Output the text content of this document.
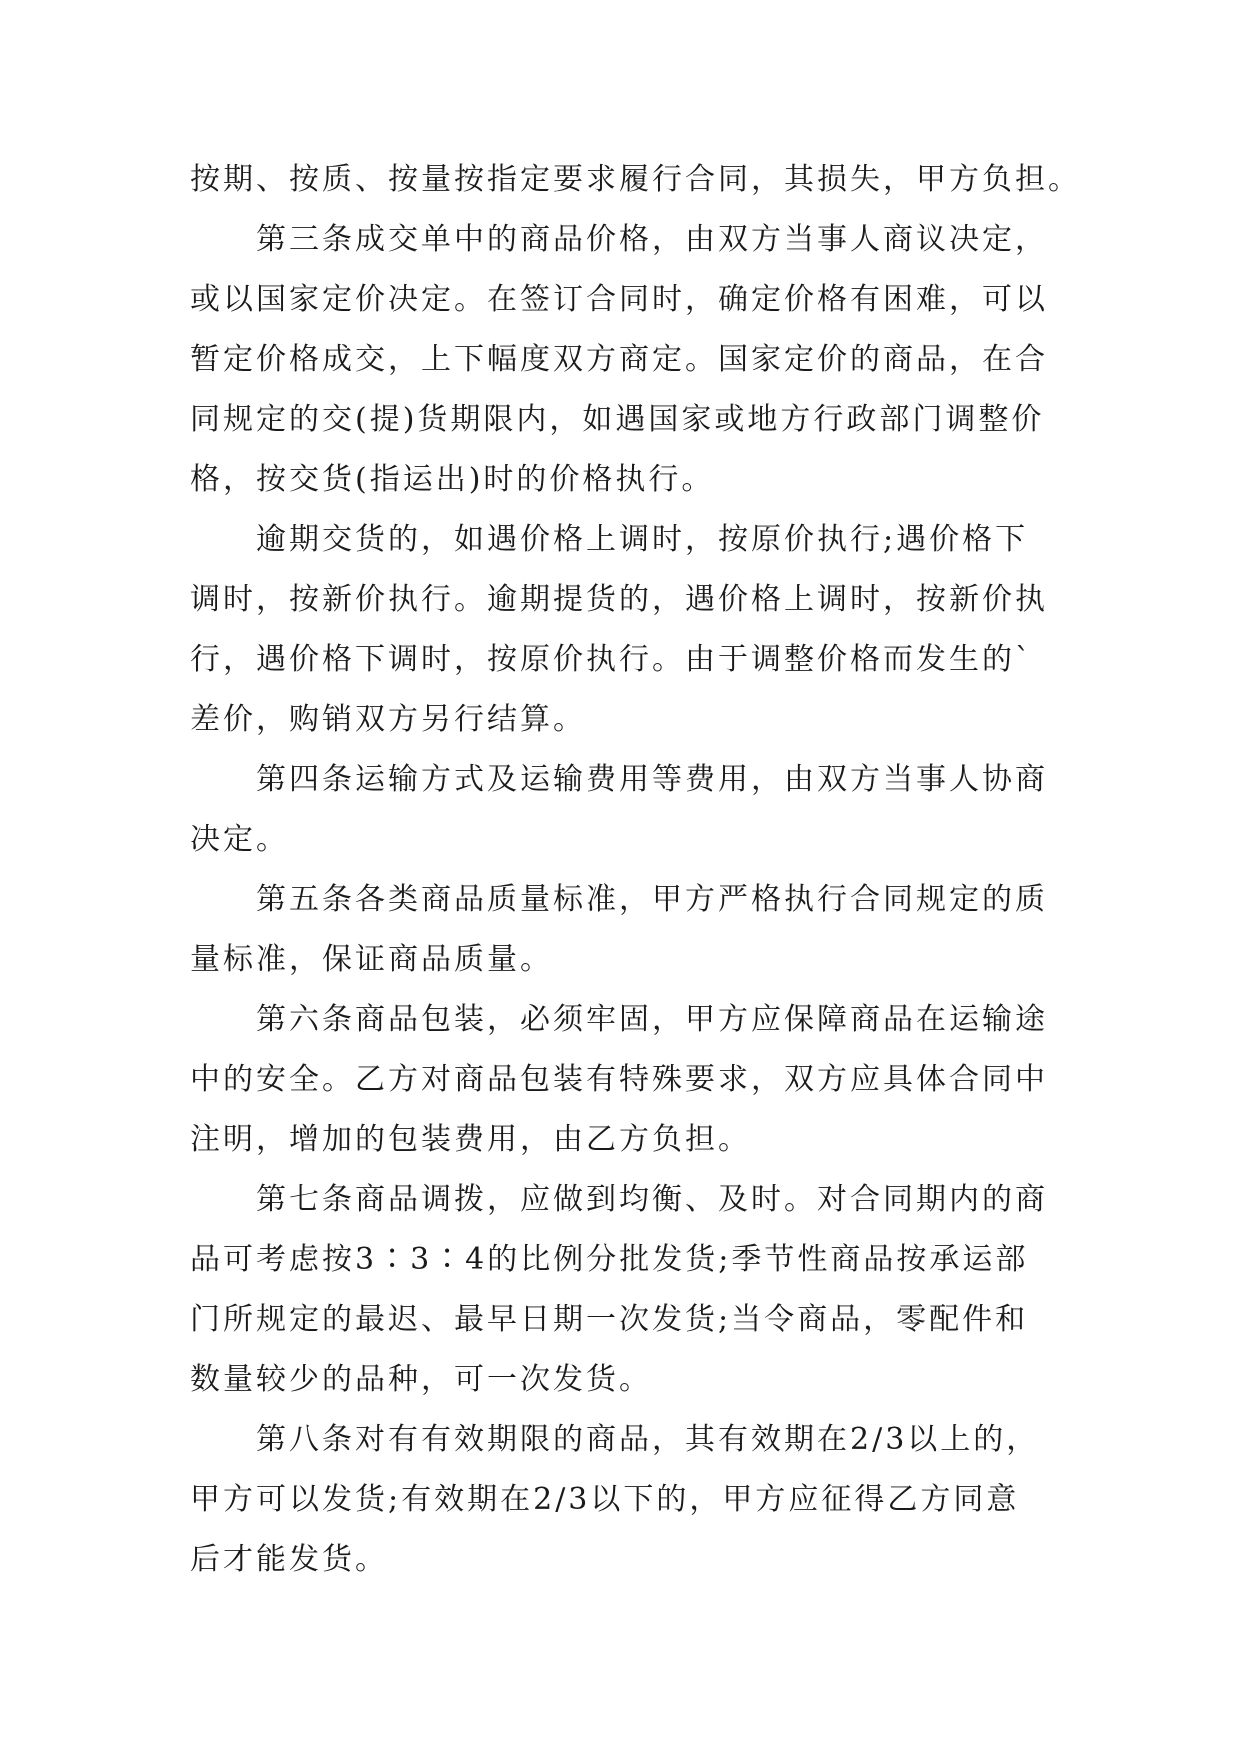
按期、按质、按量按指定要求履行合同，其损失，甲方负担。
第三条成交单中的商品价格，由双方当事人商议决定，
或以国家定价决定。在签订合同时，确定价格有困难，可以
暂定价格成交，上下幅度双方商定。国家定价的商品，在合
同规定的交(提)货期限内，如遇国家或地方行政部门调整价
格，按交货(指运出)时的价格执行。
逾期交货的，如遇价格上调时，按原价执行;遇价格下
调时，按新价执行。逾期提货的，遇价格上调时，按新价执
行，遇价格下调时，按原价执行。由于调整价格而发生的`
差价，购销双方另行结算。
第四条运输方式及运输费用等费用，由双方当事人协商
决定。
第五条各类商品质量标准，甲方严格执行合同规定的质
量标准，保证商品质量。
第六条商品包装，必须牢固，甲方应保障商品在运输途
中的安全。乙方对商品包装有特殊要求，双方应具体合同中
注明，增加的包装费用，由乙方负担。
第七条商品调拨，应做到均衡、及时。对合同期内的商
品可考虑按3∶3∶4的比例分批发货;季节性商品按承运部
门所规定的最迟、最早日期一次发货;当令商品，零配件和
数量较少的品种，可一次发货。
第八条对有有效期限的商品，其有效期在2/3以上的，
甲方可以发货;有效期在2/3以下的，甲方应征得乙方同意
后才能发货。
